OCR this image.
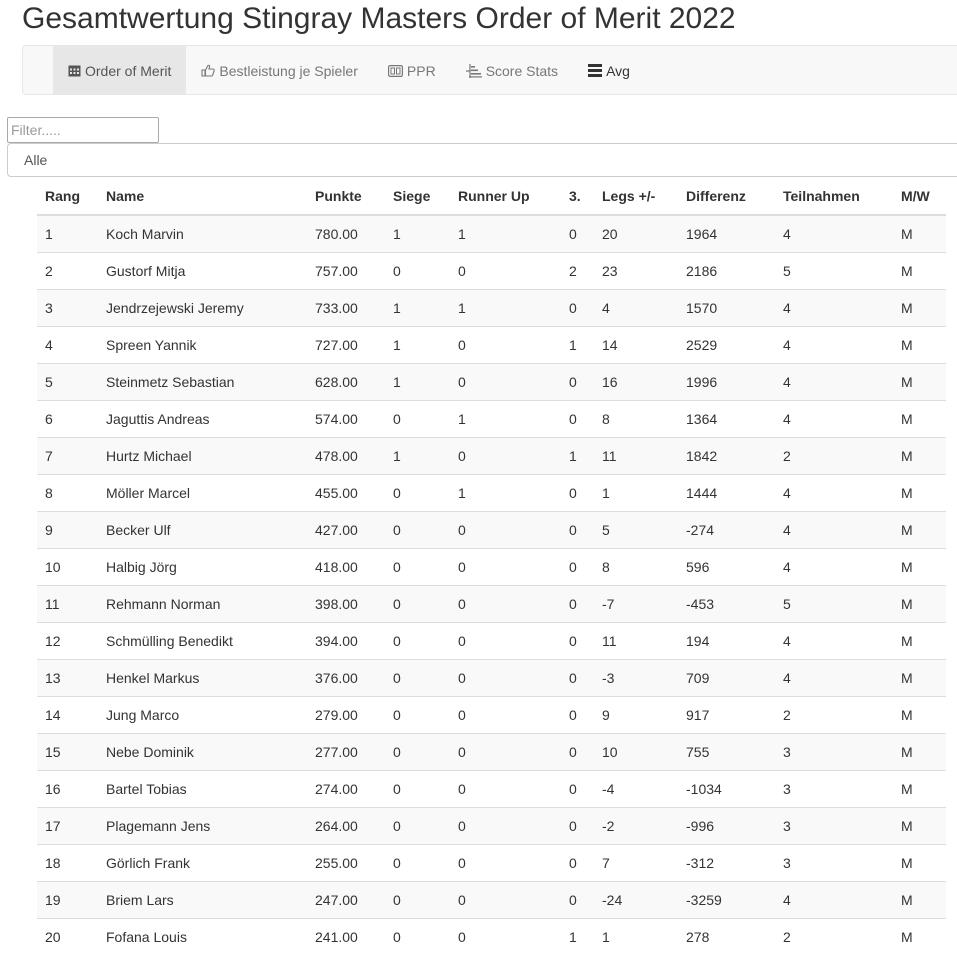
Gesamtwertung Stingray Masters Order of Merit 2022
Order of Merit	Bestleistung je Spieler	PPR	Score Stats	Avg
Filter.....
Alle
Rang	Name	Punkte	Siege	Runner Up	3.	Legs +/-	Differenz	Teilnahmen	M/W
1	Koch Marvin	780.00	1	1	0	20	1964	4	M
2	Gustorf Mitja	757.00	0	0	2	23	2186	5	M
3	Jendrzejewski Jeremy	733.00	1	1	0	4	1570	4	M
4	Spreen Yannik	727.00	1	0	1	14	2529	4	M
5	Steinmetz Sebastian	628.00	1	0	0	16	1996	4	M
6	Jaguttis Andreas	574.00	0	1	0	8	1364	4	M
7	Hurtz Michael	478.00	1	0	1	11	1842	2	M
8	Möller Marcel	455.00	0	1	0	1	1444	4	M
9	Becker Ulf	427.00	0	0	0	5	-274	4	M
10	Halbig Jörg	418.00	0	0	0	8	596	4	M
11	Rehmann Norman	398.00	0	0	0	-7	-453	5	M
12	Schmülling Benedikt	394.00	0	0	0	11	194	4	M
13	Henkel Markus	376.00	0	0	0	-3	709	4	M
14	Jung Marco	279.00	0	0	0	9	917	2	M
15	Nebe Dominik	277.00	0	0	0	10	755	3	M
16	Bartel Tobias	274.00	0	0	0	-4	-1034	3	M
17	Plagemann Jens	264.00	0	0	0	-2	-996	3	M
18	Görlich Frank	255.00	0	0	0	7	-312	3	M
19	Briem Lars	247.00	0	0	0	-24	-3259	4	M
20	Fofana Louis	241.00	0	0	1	1	278	2	M
